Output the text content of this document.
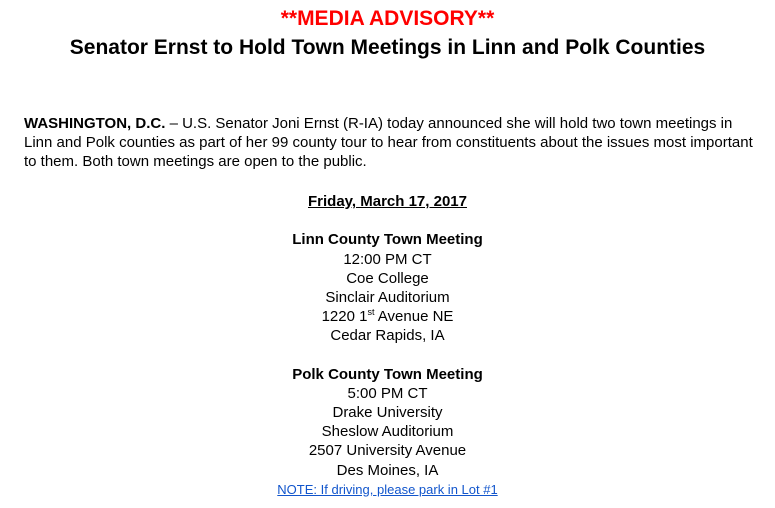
**MEDIA ADVISORY**
Senator Ernst to Hold Town Meetings in Linn and Polk Counties
WASHINGTON, D.C. – U.S. Senator Joni Ernst (R-IA) today announced she will hold two town meetings in Linn and Polk counties as part of her 99 county tour to hear from constituents about the issues most important to them. Both town meetings are open to the public.
Friday, March 17, 2017
Linn County Town Meeting
12:00 PM CT
Coe College
Sinclair Auditorium
1220 1st Avenue NE
Cedar Rapids, IA
Polk County Town Meeting
5:00 PM CT
Drake University
Sheslow Auditorium
2507 University Avenue
Des Moines, IA
NOTE: If driving, please park in Lot #1
